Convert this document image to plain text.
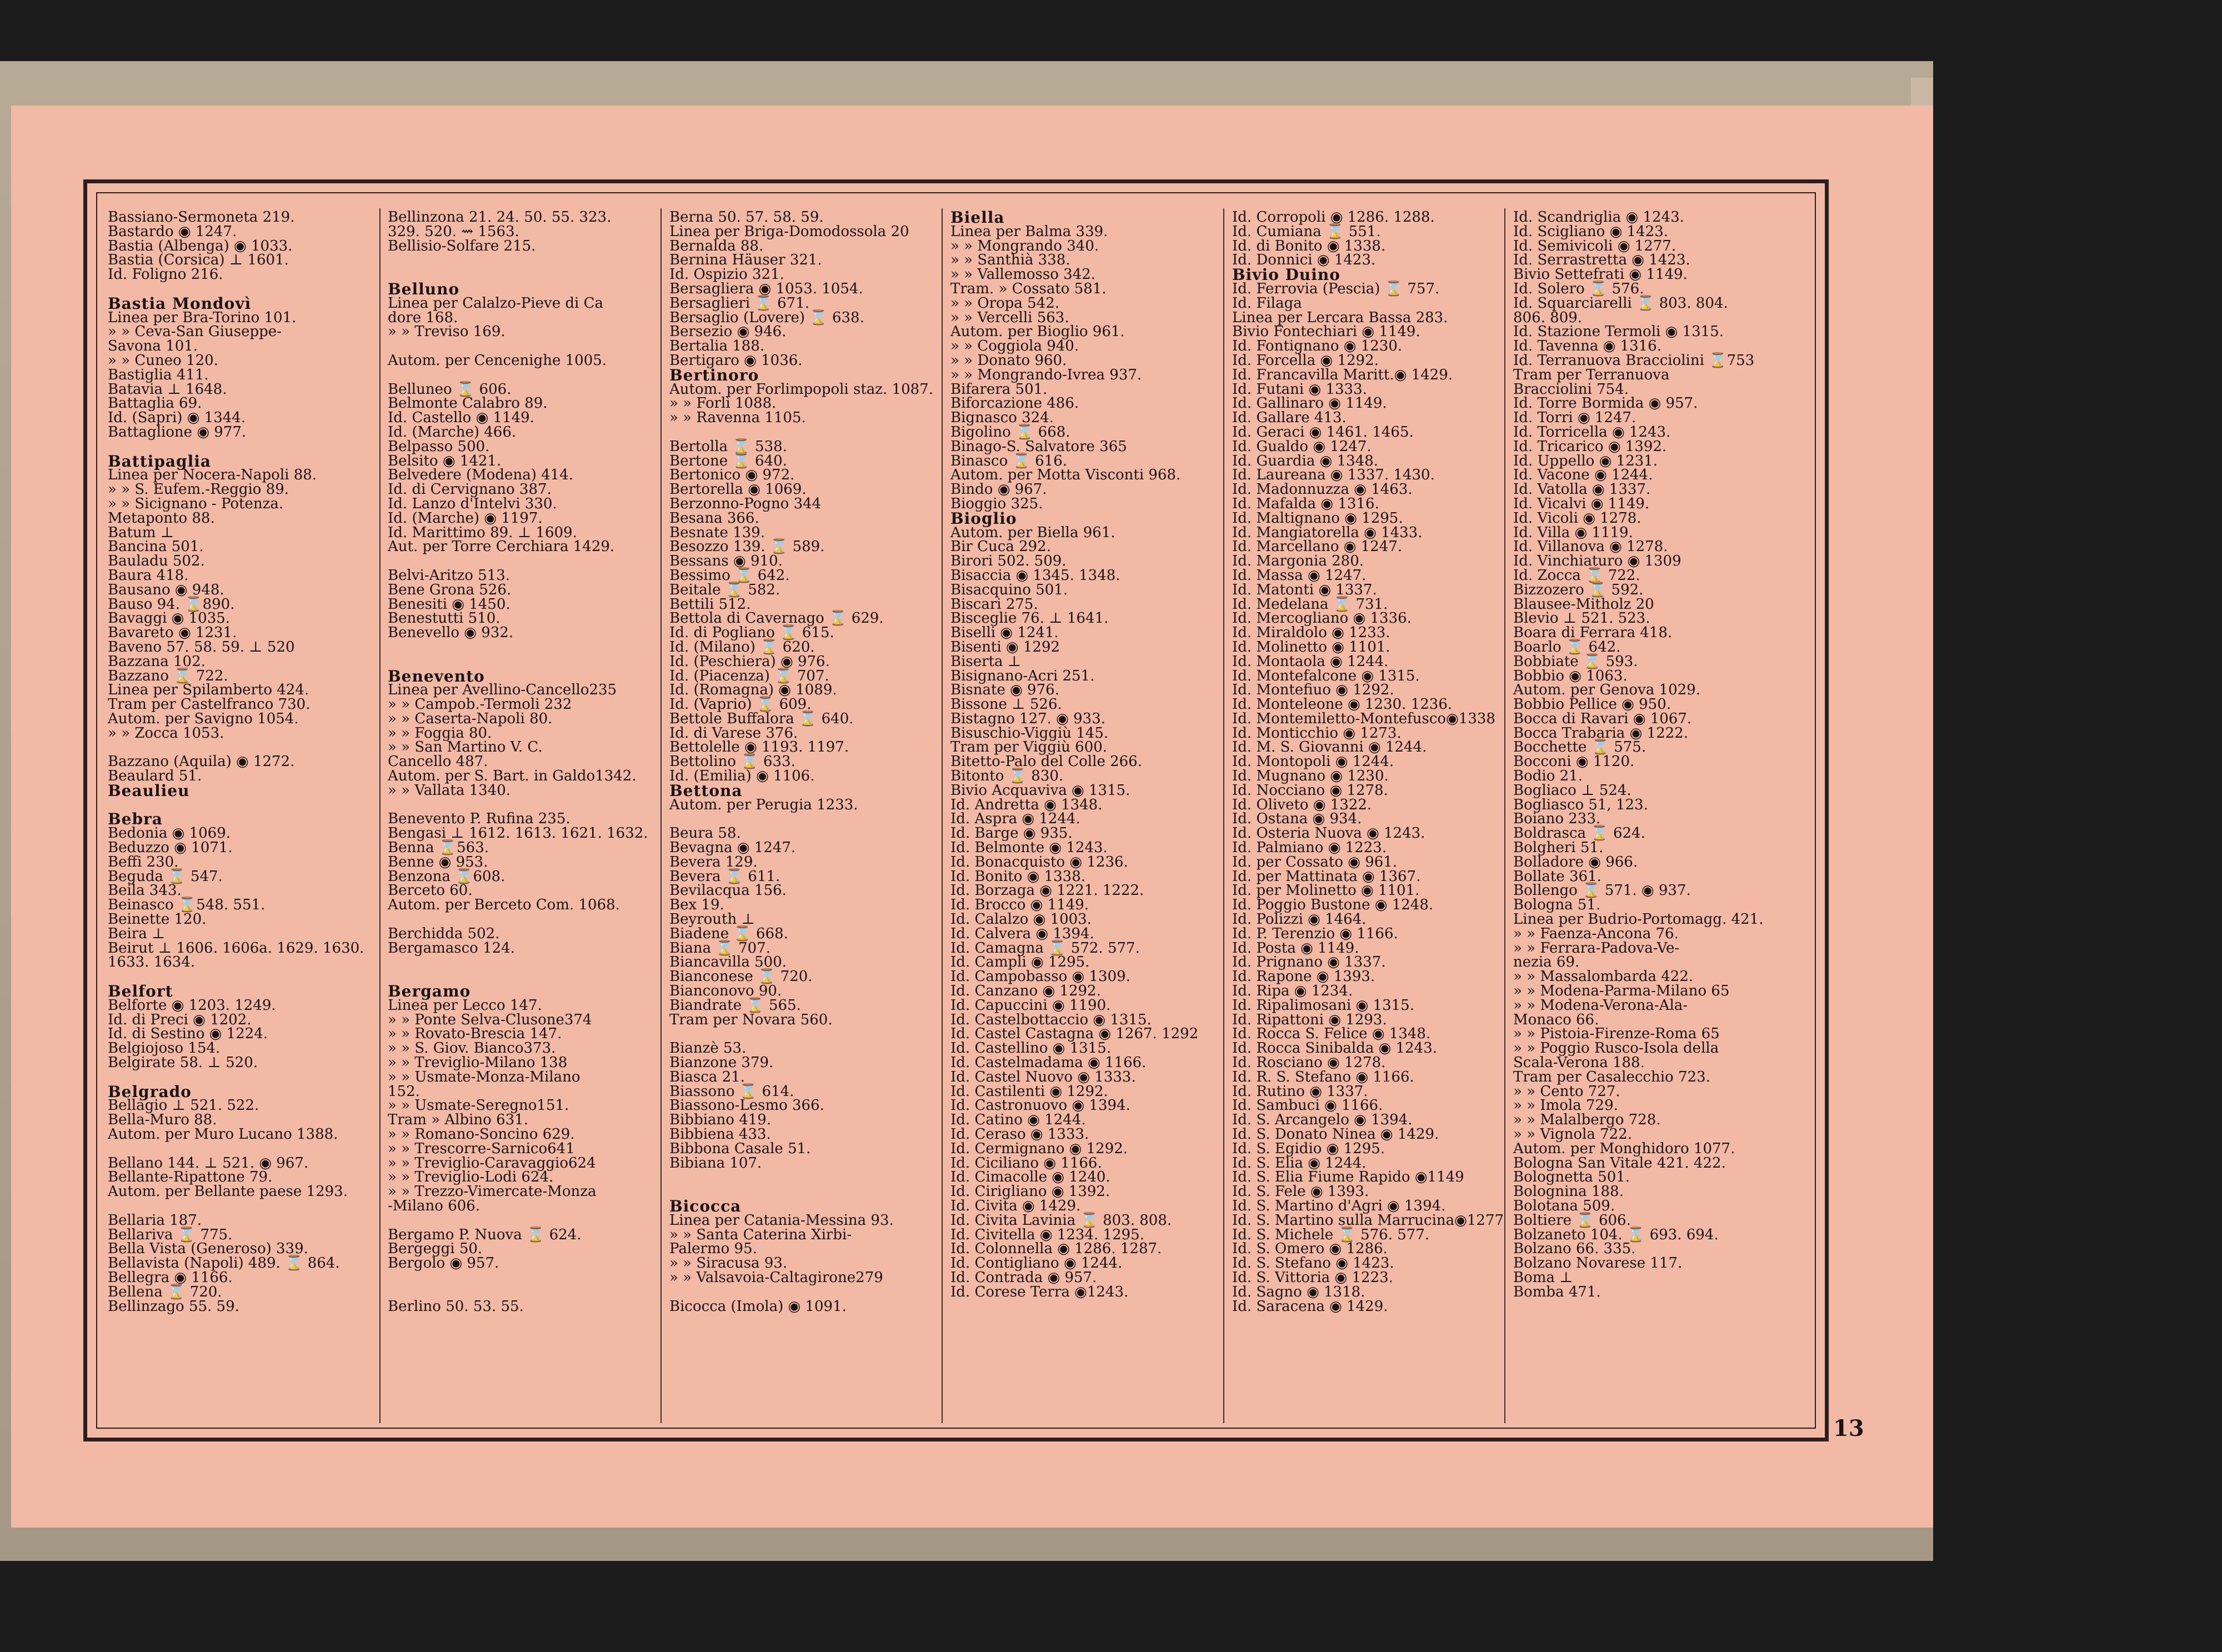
Bassiano-Sermoneta 219.
Bastardo ◉ 1247.
Bastia (Albenga) ◉ 1033.
Bastia (Corsica) ⊥ 1601.
Id. Foligno 216.

Bastia Mondovì
Linea per Bra-Torino 101.
» » Ceva-San Giuseppe-
Savona 101.
» » Cuneo 120.
Bastiglia 411.
Batavia ⊥ 1648.
Battaglia 69.
Id. (Sapri) ◉ 1344.
Battaglione ◉ 977.

Battipaglia
Linea per Nocera-Napoli 88.
» » S. Eufem.-Reggio 89.
» » Sicignano - Potenza.
Metaponto 88.
Batum ⊥
Bancina 501.
Bauladu 502.
Baura 418.
Bausano ◉ 948.
Bauso 94. ⌛890.
Bavaggi ◉ 1035.
Bavareto ◉ 1231.
Baveno 57. 58. 59. ⊥ 520
Bazzana 102.
Bazzano ⌛ 722.
Linea per Spilamberto 424.
Tram per Castelfranco 730.
Autom. per Savigno 1054.
» » Zocca 1053.

Bazzano (Aquila) ◉ 1272.
Beaulard 51.
Beaulieu

Bebra
Bedonia ◉ 1069.
Beduzzo ◉ 1071.
Beffi 230.
Beguda ⌛ 547.
Beila 343.
Beinasco ⌛548. 551.
Beinette 120.
Beira ⊥
Beirut ⊥ 1606. 1606a. 1629. 1630.
1633. 1634.

Belfort
Belforte ◉ 1203. 1249.
Id. di Preci ◉ 1202.
Id. di Sestino ◉ 1224.
Belgiojoso 154.
Belgirate 58. ⊥ 520.

Belgrado
Bellagio ⊥ 521. 522.
Bella-Muro 88.
Autom. per Muro Lucano 1388.

Bellano 144. ⊥ 521. ◉ 967.
Bellante-Ripattone 79.
Autom. per Bellante paese 1293.

Bellaria 187.
Bellariva ⌛ 775.
Bella Vista (Generoso) 339.
Bellavista (Napoli) 489. ⌛ 864.
Bellegra ◉ 1166.
Bellena ⌛ 720.
Bellinzago 55. 59.
Bellinzona 21. 24. 50. 55. 323.
329. 520. ⇝ 1563.
Bellisio-Solfare 215.

Belluno
Linea per Calalzo-Pieve di Ca
dore 168.
» » Treviso 169.

Autom. per Cencenighe 1005.

Belluneo ⌛ 606.
Belmonte Calabro 89.
Id. Castello ◉ 1149.
Id. (Marche) 466.
Belpasso 500.
Belsito ◉ 1421.
Belvedere (Modena) 414.
Id. di Cervignano 387.
Id. Lanzo d'Intelvi 330.
Id. (Marche) ◉ 1197.
Id. Marittimo 89. ⊥ 1609.
Aut. per Torre Cerchiara 1429.

Belvi-Aritzo 513.
Bene Grona 526.
Benesiti ◉ 1450.
Benestutti 510.
Benevello ◉ 932.

Benevento
Linea per Avellino-Cancello235
» » Campob.-Termoli 232
» » Caserta-Napoli 80.
» » Foggia 80.
» » San Martino V. C.
Cancello 487.
Autom. per S. Bart. in Galdo1342.
» » Vallata 1340.

Benevento P. Rufina 235.
Bengasi ⊥ 1612. 1613. 1621. 1632.
Benna ⌛563.
Benne ◉ 953.
Benzona ⌛608.
Berceto 60.
Autom. per Berceto Com. 1068.

Berchidda 502.
Bergamasco 124.

Bergamo
Linea per Lecco 147.
» » Ponte Selva-Clusone374
» » Rovato-Brescia 147.
» » S. Giov. Bianco373.
» » Treviglio-Milano 138
» » Usmate-Monza-Milano
152.
» » Usmate-Seregno151.
Tram » Albino 631.
» » Romano-Soncino 629.
» » Trescorre-Sarnico641
» » Treviglio-Caravaggio624
» » Treviglio-Lodi 624.
» » Trezzo-Vimercate-Monza
-Milano 606.

Bergamo P. Nuova ⌛ 624.
Bergeggi 50.
Bergolo ◉ 957.

Berlino 50. 53. 55.
Berna 50. 57. 58. 59.
Linea per Briga-Domodossola 20
Bernalda 88.
Bernina Häuser 321.
Id. Ospizio 321.
Bersagliera ◉ 1053. 1054.
Bersaglieri ⌛ 671.
Bersaglio (Lovere) ⌛ 638.
Bersezio ◉ 946.
Bertalia 188.
Bertigaro ◉ 1036.
Bertinoro
Autom. per Forlimpopoli staz. 1087.
» » Forlì 1088.
» » Ravenna 1105.

Bertolla ⌛ 538.
Bertone ⌛ 640.
Bertonico ◉ 972.
Bertorella ◉ 1069.
Berzonno-Pogno 344
Besana 366.
Besnate 139.
Besozzo 139. ⌛ 589.
Bessans ◉ 910.
Bessimo ⌛ 642.
Beitale ⌛ 582.
Bettili 512.
Bettola di Cavernago ⌛ 629.
Id. di Pogliano ⌛ 615.
Id. (Milano) ⌛ 620.
Id. (Peschiera) ◉ 976.
Id. (Piacenza) ⌛ 707.
Id. (Romagna) ◉ 1089.
Id. (Vaprio) ⌛ 609.
Bettole Buffalora ⌛ 640.
Id. di Varese 376.
Bettolelle ◉ 1193. 1197.
Bettolino ⌛ 633.
Id. (Emilia) ◉ 1106.
Bettona
Autom. per Perugia 1233.

Beura 58.
Bevagna ◉ 1247.
Bevera 129.
Bevera ⌛ 611.
Bevilacqua 156.
Bex 19.
Beyrouth ⊥
Biadene ⌛ 668.
Biana ⌛ 707.
Biancavilla 500.
Bianconese ⌛ 720.
Bianconovo 90.
Biandrate ⌛ 565.
Tram per Novara 560.

Bianzè 53.
Bianzone 379.
Biasca 21.
Biassono ⌛ 614.
Biassono-Lesmo 366.
Bibbiano 419.
Bibbiena 433.
Bibbona Casale 51.
Bibiana 107.

Bicocca
Linea per Catania-Messina 93.
» » Santa Caterina Xirbi-
Palermo 95.
» » Siracusa 93.
» » Valsavoia-Caltagirone279

Bicocca (Imola) ◉ 1091.
Biella
Linea per Balma 339.
» » Mongrando 340.
» » Santhià 338.
» » Vallemosso 342.
Tram. » Cossato 581.
» » Oropa 542.
» » Vercelli 563.
Autom. per Bioglio 961.
» » Coggiola 940.
» » Donato 960.
» » Mongrando-Ivrea 937.
Bifarera 501.
Biforcazione 486.
Bignasco 324.
Bigolino ⌛ 668.
Binago-S. Salvatore 365
Binasco ⌛ 616.
Autom. per Motta Visconti 968.
Bindo ◉ 967.
Bioggio 325.
Bioglio
Autom. per Biella 961.
Bir Cuca 292.
Birori 502. 509.
Bisaccia ◉ 1345. 1348.
Bisacquino 501.
Biscari 275.
Bisceglie 76. ⊥ 1641.
Biselli ◉ 1241.
Bisenti ◉ 1292
Biserta ⊥
Bisignano-Acri 251.
Bisnate ◉ 976.
Bissone ⊥ 526.
Bistagno 127. ◉ 933.
Bisuschio-Viggiù 145.
Tram per Viggiù 600.
Bitetto-Palo del Colle 266.
Bitonto ⌛ 830.
Bivio Acquaviva ◉ 1315.
Id. Andretta ◉ 1348.
Id. Aspra ◉ 1244.
Id. Barge ◉ 935.
Id. Belmonte ◉ 1243.
Id. Bonacquisto ◉ 1236.
Id. Bonito ◉ 1338.
Id. Borzaga ◉ 1221. 1222.
Id. Brocco ◉ 1149.
Id. Calalzo ◉ 1003.
Id. Calvera ◉ 1394.
Id. Camagna ⌛ 572. 577.
Id. Campli ◉ 1295.
Id. Campobasso ◉ 1309.
Id. Canzano ◉ 1292.
Id. Capuccini ◉ 1190.
Id. Castelbottaccio ◉ 1315.
Id. Castel Castagna ◉ 1267. 1292
Id. Castellino ◉ 1315.
Id. Castelmadama ◉ 1166.
Id. Castel Nuovo ◉ 1333.
Id. Castilenti ◉ 1292.
Id. Castronuovo ◉ 1394.
Id. Catino ◉ 1244.
Id. Ceraso ◉ 1333.
Id. Cermignano ◉ 1292.
Id. Ciciliano ◉ 1166.
Id. Cimacolle ◉ 1240.
Id. Cirigliano ◉ 1392.
Id. Civita ◉ 1429.
Id. Civita Lavinia ⌛ 803. 808.
Id. Civitella ◉ 1234. 1295.
Id. Colonnella ◉ 1286. 1287.
Id. Contigliano ◉ 1244.
Id. Contrada ◉ 957.
Id. Corese Terra ◉1243.
Id. Corropoli ◉ 1286. 1288.
Id. Cumiana ⌛ 551.
Id. di Bonito ◉ 1338.
Id. Donnici ◉ 1423.
Bivio Duino
Id. Ferrovia (Pescia) ⌛ 757.
Id. Filaga
Linea per Lercara Bassa 283.
Bivio Fontechiari ◉ 1149.
Id. Fontignano ◉ 1230.
Id. Forcella ◉ 1292.
Id. Francavilla Maritt.◉ 1429.
Id. Futani ◉ 1333.
Id. Gallinaro ◉ 1149.
Id. Gallare 413.
Id. Geraci ◉ 1461. 1465.
Id. Gualdo ◉ 1247.
Id. Guardia ◉ 1348.
Id. Laureana ◉ 1337. 1430.
Id. Madonnuzza ◉ 1463.
Id. Mafalda ◉ 1316.
Id. Maltignano ◉ 1295.
Id. Mangiatorella ◉ 1433.
Id. Marcellano ◉ 1247.
Id. Margonia 280.
Id. Massa ◉ 1247.
Id. Matonti ◉ 1337.
Id. Medelana ⌛ 731.
Id. Mercogliano ◉ 1336.
Id. Miraldolo ◉ 1233.
Id. Molinetto ◉ 1101.
Id. Montaola ◉ 1244.
Id. Montefalcone ◉ 1315.
Id. Montefiuo ◉ 1292.
Id. Monteleone ◉ 1230. 1236.
Id. Montemiletto-Montefusco◉1338
Id. Monticchio ◉ 1273.
Id. M. S. Giovanni ◉ 1244.
Id. Montopoli ◉ 1244.
Id. Mugnano ◉ 1230.
Id. Nocciano ◉ 1278.
Id. Oliveto ◉ 1322.
Id. Ostana ◉ 934.
Id. Osteria Nuova ◉ 1243.
Id. Palmiano ◉ 1223.
Id. per Cossato ◉ 961.
Id. per Mattinata ◉ 1367.
Id. per Molinetto ◉ 1101.
Id. Poggio Bustone ◉ 1248.
Id. Polizzi ◉ 1464.
Id. P. Terenzio ◉ 1166.
Id. Posta ◉ 1149.
Id. Prignano ◉ 1337.
Id. Rapone ◉ 1393.
Id. Ripa ◉ 1234.
Id. Ripalimosani ◉ 1315.
Id. Ripattoni ◉ 1293.
Id. Rocca S. Felice ◉ 1348.
Id. Rocca Sinibalda ◉ 1243.
Id. Rosciano ◉ 1278.
Id. R. S. Stefano ◉ 1166.
Id. Rutino ◉ 1337.
Id. Sambuci ◉ 1166.
Id. S. Arcangelo ◉ 1394.
Id. S. Donato Ninea ◉ 1429.
Id. S. Egidio ◉ 1295.
Id. S. Elia ◉ 1244.
Id. S. Elia Fiume Rapido ◉1149
Id. S. Fele ◉ 1393.
Id. S. Martino d'Agri ◉ 1394.
Id. S. Martino sulla Marrucina◉1277
Id. S. Michele ⌛ 576. 577.
Id. S. Omero ◉ 1286.
Id. S. Stefano ◉ 1423.
Id. S. Vittoria ◉ 1223.
Id. Sagno ◉ 1318.
Id. Saracena ◉ 1429.
Id. Scandriglia ◉ 1243.
Id. Sciglianо ◉ 1423.
Id. Semivicoli ◉ 1277.
Id. Serrastretta ◉ 1423.
Bivio Settefrati ◉ 1149.
Id. Solero ⌛ 576.
Id. Squarciarelli ⌛ 803. 804.
806. 809.
Id. Stazione Termoli ◉ 1315.
Id. Tavenna ◉ 1316.
Id. Terranuova Bracciolini ⌛753
Tram per Terranuova
Bracciolini 754.
Id. Torre Bormida ◉ 957.
Id. Torri ◉ 1247.
Id. Torricella ◉ 1243.
Id. Tricarico ◉ 1392.
Id. Uppello ◉ 1231.
Id. Vacone ◉ 1244.
Id. Vatolla ◉ 1337.
Id. Vicalvi ◉ 1149.
Id. Vicoli ◉ 1278.
Id. Villa ◉ 1119.
Id. Villanova ◉ 1278.
Id. Vinchiaturo ◉ 1309
Id. Zocca ⌛ 722.
Bizzozero ⌛ 592.
Blausee-Mitholz 20
Blevio ⊥ 521. 523.
Boara di Ferrara 418.
Boarlo ⌛ 642.
Bobbiate ⌛ 593.
Bobbio ◉ 1063.
Autom. per Genova 1029.
Bobbio Pellice ◉ 950.
Bocca di Ravari ◉ 1067.
Bocca Trabaria ◉ 1222.
Bocchette ⌛ 575.
Bocconi ◉ 1120.
Bodio 21.
Bogliaco ⊥ 524.
Bogliasco 51, 123.
Boiano 233.
Boldrasca ⌛ 624.
Bolgheri 51.
Bolladore ◉ 966.
Bollate 361.
Bollengo ⌛ 571. ◉ 937.
Bologna 51.
Linea per Budrio-Portomagg. 421.
» » Faenza-Ancona 76.
» » Ferrara-Padova-Ve-
nezia 69.
» » Massalombarda 422.
» » Modena-Parma-Milano 65
» » Modena-Verona-Ala-
Monaco 66.
» » Pistoia-Firenze-Roma 65
» » Poggio Rusco-Isola della
Scala-Verona 188.
Tram per Casalecchio 723.
» » Cento 727.
» » Imola 729.
» » Malalbergo 728.
» » Vignola 722.
Autom. per Monghidoro 1077.
Bologna San Vitale 421. 422.
Bolognetta 501.
Bolognina 188.
Bolotana 509.
Boltiere ⌛ 606.
Bolzaneto 104. ⌛ 693. 694.
Bolzano 66. 335.
Bolzano Novarese 117.
Boma ⊥
Bomba 471.
13
